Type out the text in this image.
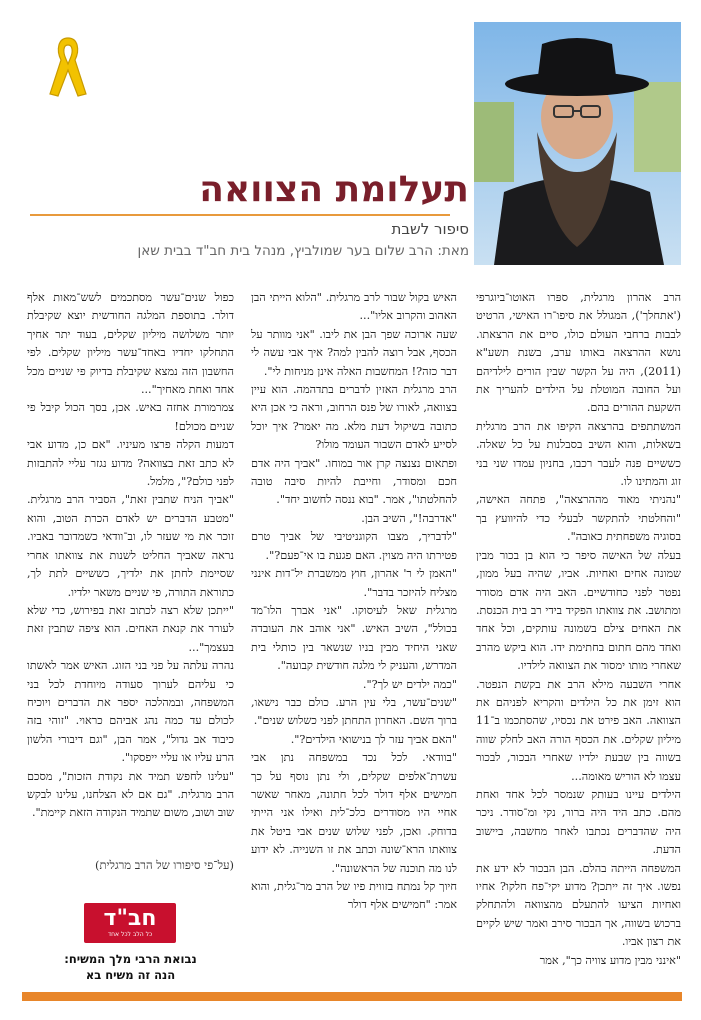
תעלומת הצוואה
סיפור לשבת
מאת: הרב שלום בער שמולביץ, מנהל בית חב"ד בבית שאן

הרב אהרון מרגלית, ספּרו האוטו־ביוגרפי ('אתחלך'), המגולל את סיפו־רו האישי, הרטיט לבבות ברחבי העולם כולו, סיים את הרצאתו. נושא ההרצאה באותו ערב, בשנת תשע"א (2011), היה על הקשר שבין הורים לילדיהם ועל החובה המוטלת על הילדים להעריך את השקעת ההורים בהם.

המשתתפים בהרצאה הקיפו את הרב מרגלית בשאלות, והוא השיב בסבלנות על כל שאלה. כששיים פנה לעבר רכבו, בחניון עמדו שני בני זוג והמתינו לו.

"נהניתי מאוד מההרצאה", פתחה האישה, "והחלטתי להתקשר לבעלי כדי להיוועץ בך בסוגיה משפחתית כאובה".

בעלה של האישה סיפר כי הוא בן בכור מבין שמונה אחים ואחיות. אביו, שהיה בעל ממון, נפטר לפני כחודשיים. האב היה אדם מסודר ומתושב. את צוואתו הפקיד בידי רב בית הכנסת. את האחים צילם בשמונה עותקים, וכל אחד ואחד מהם חתום בחתימת ידו. הוא ביקש מהרב שאחרי מותו ימסור את הצוואה לילדיו.

אחרי השבעה מילא הרב את בקשת הנפטר. הוא זימן את כל הילדים והקריא לפניהם את הצוואה. האב פירט את נכסיו, שהסתכמו ב־11 מיליון שקלים. את הכסף הורה האב לחלק שווה בשווה בין שבעת ילדיו שאחרי הבכור, לבכור עצמו לא הוריש מאומה...

הילדים עיינו בעותק שנמסר לכל אחד ואחת מהם. כתב היד היה ברור, נקי ומ־סודר. ניכר היה שהדברים נכתבו לאחר מחשבה, ביישוב הדעת.

המשפחה הייתה בהלם. הבן הבכור לא ידע את נפשו. איך זה ייתכן? מדוע יקי־פח חלקו? אחיו ואחיות הציעו להתעלם מהצוואה ולהתחלק ברכוש בשווה, אך הבכור סירב ואמר שיש לקיים את רצון אביו.

"אינני מבין מדוע צוויה כך", אמר

האיש בקול שבור לרב מרגלית. "הלוא הייתי הבן האהוב והקרוב אליו"...

שעה ארוכה שפך הבן את ליבו. "אני מוותר על הכסף, אבל רוצה להבין למה? איך אבי עשה לי דבר כזה?! המחשבות האלה אינן מניחות לי".

הרב מרגלית האזין לדברים בתדהמה. הוא עיין בצוואה, לאורו של פנס הרחוב, וראה כי אכן היא כתובה בשיקול דעת מלא. מה יאמר? איך יוכל לסייע לאדם השבור העומד מולו?

ופתאום נצנצה קרן אור במוחו. "אביך היה אדם חכם ומסודר, וחייבת להיות סיבה טובה להחלטתו", אמר. "בוא ננסה לחשוב יחד".

"אדרבה!", השיב הבן.

"לדבריך, מצבו הקוגניטיבי של אביך טרם פטירתו היה מצוין. האם פגעת בו אי־פעם?".

"האמן לי ר' אהרון, חוץ ממשברת יל־דות אינני מצליח להיזכר בדבר".

מרגלית שאל לעיסוקו. "אני אברך הלו־מד בכולל", השיב האיש. "אני אוהב את העובדה שאני היחיד מבין בניו שנשאר בין כותלי בית המדרש, והעניק לי מלגה חודשית קבועה".

"כמה ילדים יש לך?".

"שנים־עשר, בלי עין הרע. כולם כבר נישאו, ברוך השם. האחרון התחתן לפני כשלוש שנים".

"האם אביך עזר לך בנישואי הילדים?".

"בוודאי. לכל נכד במשפחה נתן אבי עשרת־אלפים שקלים, ולי נתן נוסף על כך חמישים אלף דולר לכל חתונה, מאחר שאשר אחיי היו מסודרים כלכ־לית ואילו אני הייתי בדוחק. ואכן, לפני שלוש שנים אבי ביטל את צוואתו הרא־שונה וכתב את זו השנייה. לא ידוע לנו מה תוכנה של הראשונה".

חיוך קל נמתח בזווית פיו של הרב מר־גלית, והוא אמר: "חמישים אלף דולר

כפול שנים־עשר מסתכמים לשש־מאות אלף דולר. בתוספת המלגה החודשית יוצא שקיבלת יותר משלושה מיליון שקלים, בעוד יתר אחיך התחלקו יחדיו באחד־עשר מיליון שקלים. לפי החשבון הזה נמצא שקיבלת בדיוק פי שניים מכל אחד ואחת מאחיך"...

צמרמורת אחזה באיש. אכן, בסך הכול קיבל פי שניים מכולם!

דמעות הקלה פרצו מעיניו. "אם כן, מדוע אבי לא כתב זאת בצוואה? מדוע נגזר עליי להתבזות לפני כולם?", מלמל.

"אביך הניח שתבין זאת", הסביר הרב מרגלית. "מטבע הדברים יש לאדם הכרת הטוב, והוא זוכר את מי שעזר לו, וב־וודאי כשמדובר באביו. נראה שאביך החליט לשנות את צוואתו אחרי שסיימת לחתן את ילדיך, כששיים לתת לך, כתוראת התורה, פי שניים משאר ילדיו.

"ייתכן שלא רצה לכתוב זאת בפירוש, כדי שלא לעורר את קנאת האחים. הוא ציפה שתבין זאת בעצמך"...

נהרה עלתה על פני בני הזוג. האיש אמר לאשתו כי עליהם לערוך סעודה מיוחדת לכל בני המשפחה, ובמהלכה יספר את הדברים ויוכיח לכולם עד כמה נהג אביהם כראוי. "זוהי בזה כיבוד אב גדול", אמר הבן, "וגם דיבורי הלשון הרע עליו או עליי ייפסקו".

"עלינו לחפש תמיד את נקודת הזכות", מסכם הרב מרגלית. "גם אם לא הצלחנו, עלינו לבקש שוב ושוב, משום שתמיד הנקודה הזאת קיימת".

(על־פי סיפורו של הרב מרגלית)
חב"ד
כל הלב לכל אחד
נבואת הרבי מלך המשיח:
הנה זה משיח בא
